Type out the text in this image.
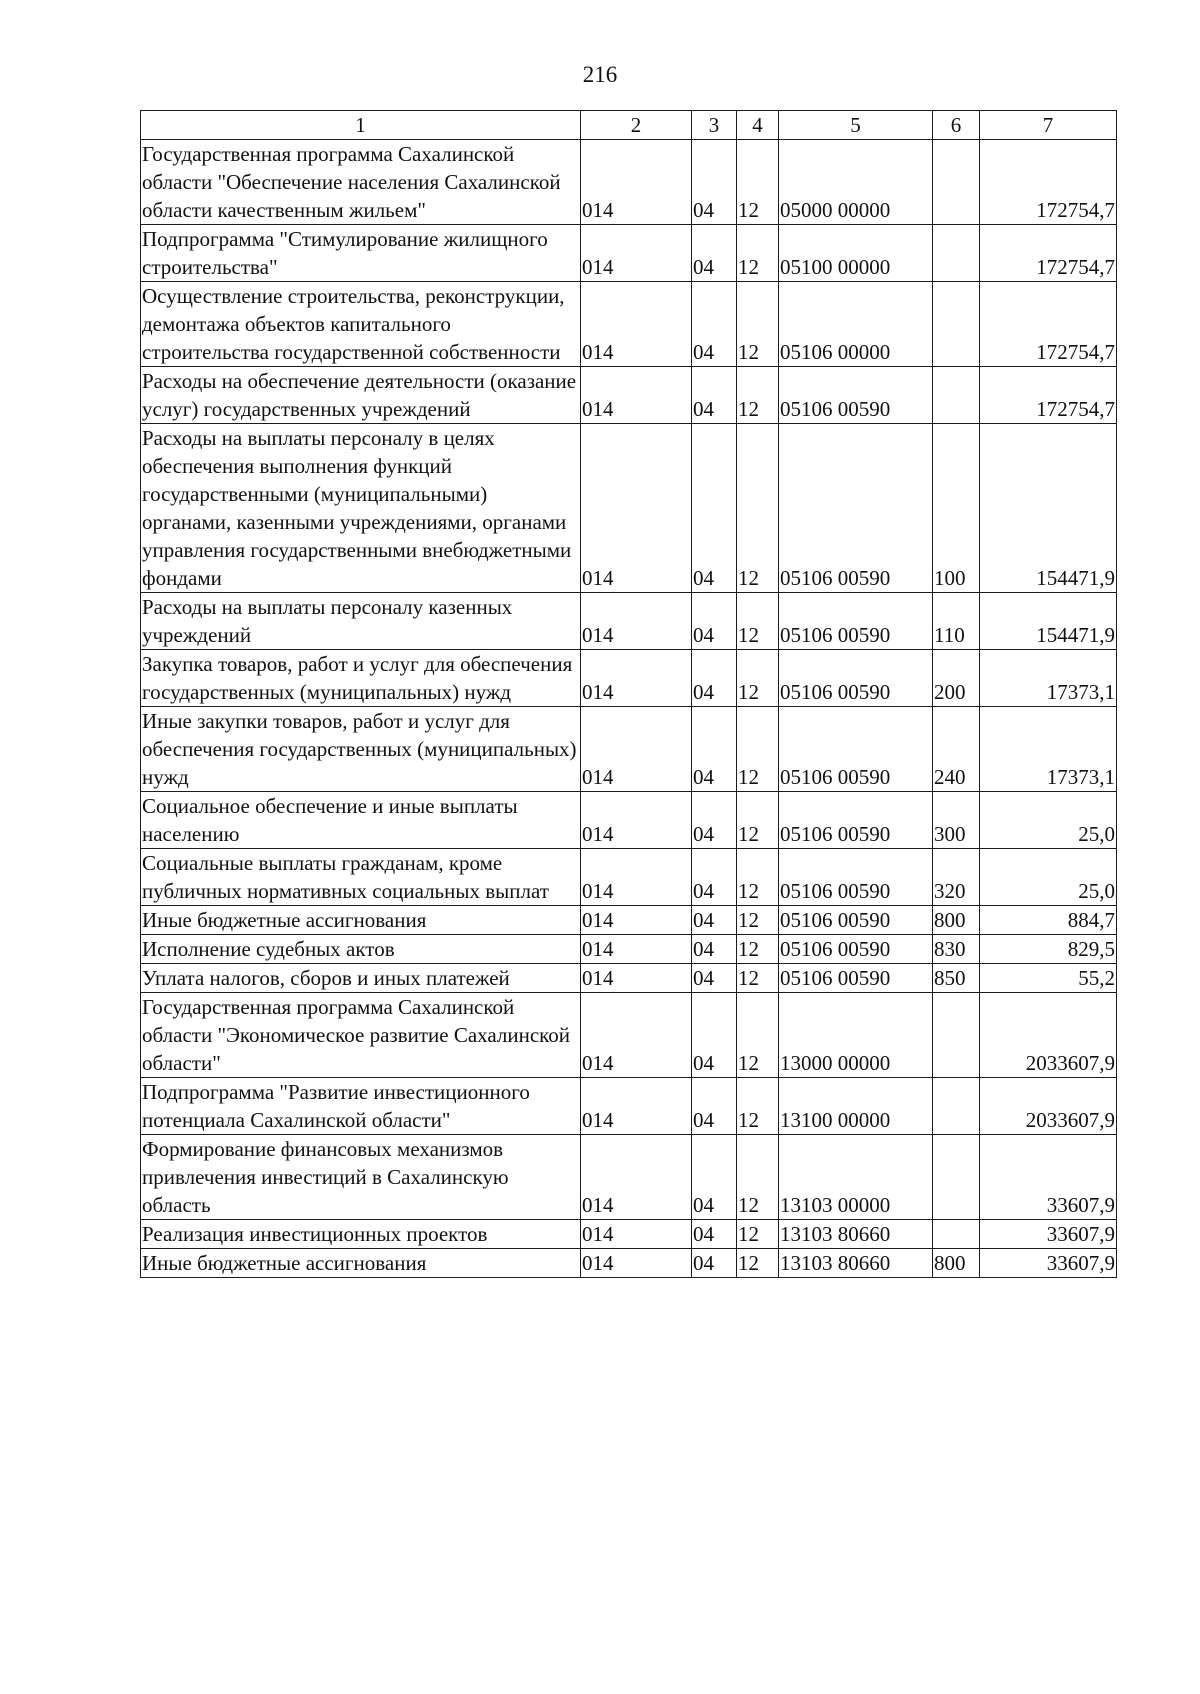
216
1	2	3	4	5	6	7
Государственная программа Сахалинской области "Обеспечение населения Сахалинской области качественным жильем"	014	04	12	05000 00000		172754,7
Подпрограмма "Стимулирование жилищного строительства"	014	04	12	05100 00000		172754,7
Осуществление строительства, реконструкции, демонтажа объектов капитального строительства государственной собственности	014	04	12	05106 00000		172754,7
Расходы на обеспечение деятельности (оказание услуг) государственных учреждений	014	04	12	05106 00590		172754,7
Расходы на выплаты персоналу в целях обеспечения выполнения функций государственными (муниципальными) органами, казенными учреждениями, органами управления государственными внебюджетными фондами	014	04	12	05106 00590	100	154471,9
Расходы на выплаты персоналу казенных учреждений	014	04	12	05106 00590	110	154471,9
Закупка товаров, работ и услуг для обеспечения государственных (муниципальных) нужд	014	04	12	05106 00590	200	17373,1
Иные закупки товаров, работ и услуг для обеспечения государственных (муниципальных) нужд	014	04	12	05106 00590	240	17373,1
Социальное обеспечение и иные выплаты населению	014	04	12	05106 00590	300	25,0
Социальные выплаты гражданам, кроме публичных нормативных социальных выплат	014	04	12	05106 00590	320	25,0
Иные бюджетные ассигнования	014	04	12	05106 00590	800	884,7
Исполнение судебных актов	014	04	12	05106 00590	830	829,5
Уплата налогов, сборов и иных платежей	014	04	12	05106 00590	850	55,2
Государственная программа Сахалинской области "Экономическое развитие Сахалинской области"	014	04	12	13000 00000		2033607,9
Подпрограмма "Развитие инвестиционного потенциала Сахалинской области"	014	04	12	13100 00000		2033607,9
Формирование финансовых механизмов привлечения инвестиций в Сахалинскую область	014	04	12	13103 00000		33607,9
Реализация инвестиционных проектов	014	04	12	13103 80660		33607,9
Иные бюджетные ассигнования	014	04	12	13103 80660	800	33607,9
